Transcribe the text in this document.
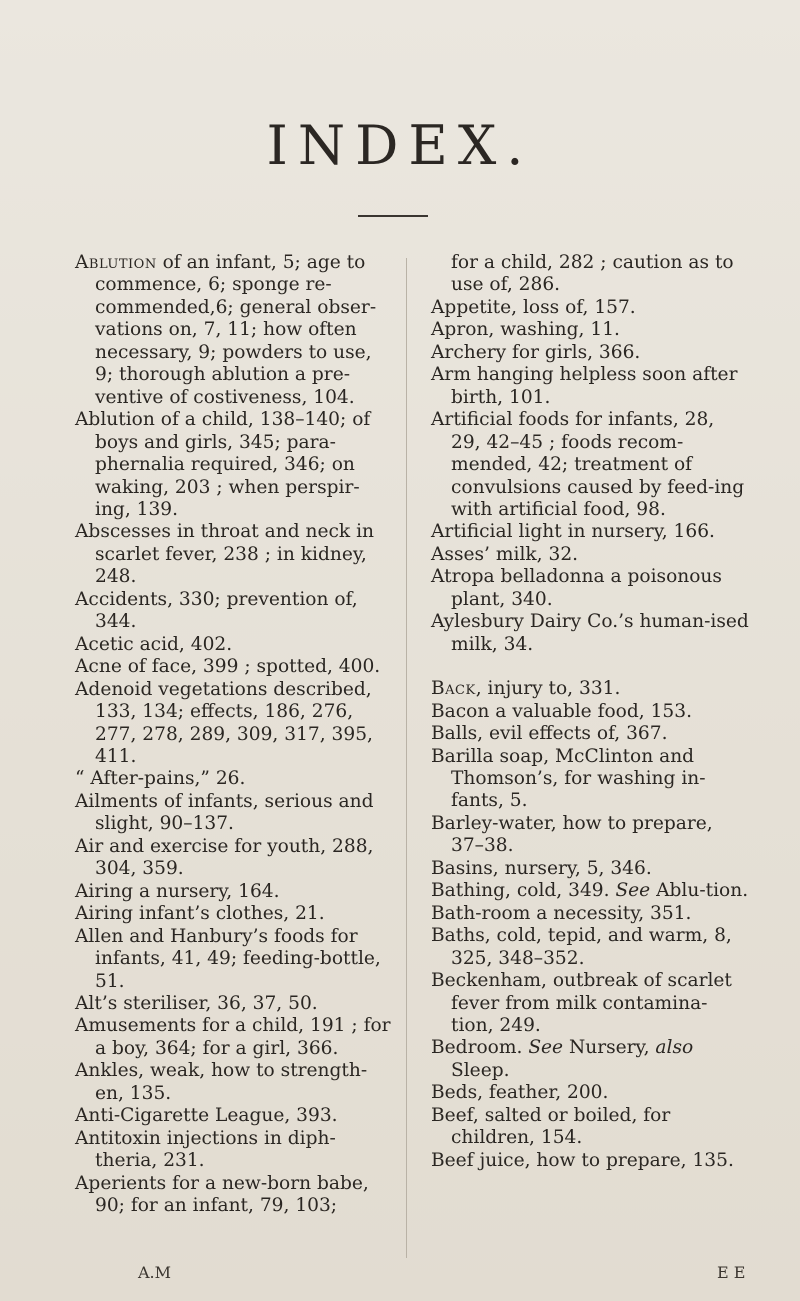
INDEX.

Ablution of an infant, 5; age to commence, 6; sponge re-commended,6; general obser-vations on, 7, 11; how often necessary, 9; powders to use, 9; thorough ablution a pre-ventive of costiveness, 104.

Ablution of a child, 138–140; of boys and girls, 345; para-phernalia required, 346; on waking, 203 ; when perspir-ing, 139.

Abscesses in throat and neck in scarlet fever, 238 ; in kidney, 248.

Accidents, 330; prevention of, 344.

Acetic acid, 402.

Acne of face, 399 ; spotted, 400.

Adenoid vegetations described, 133, 134; effects, 186, 276, 277, 278, 289, 309, 317, 395, 411.

“ After-pains,” 26.

Ailments of infants, serious and slight, 90–137.

Air and exercise for youth, 288, 304, 359.

Airing a nursery, 164.

Airing infant’s clothes, 21.

Allen and Hanbury’s foods for infants, 41, 49; feeding-bottle, 51.

Alt’s steriliser, 36, 37, 50.

Amusements for a child, 191 ; for a boy, 364; for a girl, 366.

Ankles, weak, how to strength-en, 135.

Anti-Cigarette League, 393.

Antitoxin injections in diph-theria, 231.

Aperients for a new-born babe, 90; for an infant, 79, 103;

for a child, 282 ; caution as to use of, 286.

Appetite, loss of, 157.

Apron, washing, 11.

Archery for girls, 366.

Arm hanging helpless soon after birth, 101.

Artificial foods for infants, 28, 29, 42–45 ; foods recom-mended, 42; treatment of convulsions caused by feed-ing with artificial food, 98.

Artificial light in nursery, 166.

Asses’ milk, 32.

Atropa belladonna a poisonous plant, 340.

Aylesbury Dairy Co.’s human-ised milk, 34.

Back, injury to, 331.

Bacon a valuable food, 153.

Balls, evil effects of, 367.

Barilla soap, McClinton and Thomson’s, for washing in-fants, 5.

Barley-water, how to prepare, 37–38.

Basins, nursery, 5, 346.

Bathing, cold, 349. See Ablu-tion.

Bath-room a necessity, 351.

Baths, cold, tepid, and warm, 8, 325, 348–352.

Beckenham, outbreak of scarlet fever from milk contamina-tion, 249.

Bedroom. See Nursery, also Sleep.

Beds, feather, 200.

Beef, salted or boiled, for children, 154.

Beef juice, how to prepare, 135.

A.M	E E
